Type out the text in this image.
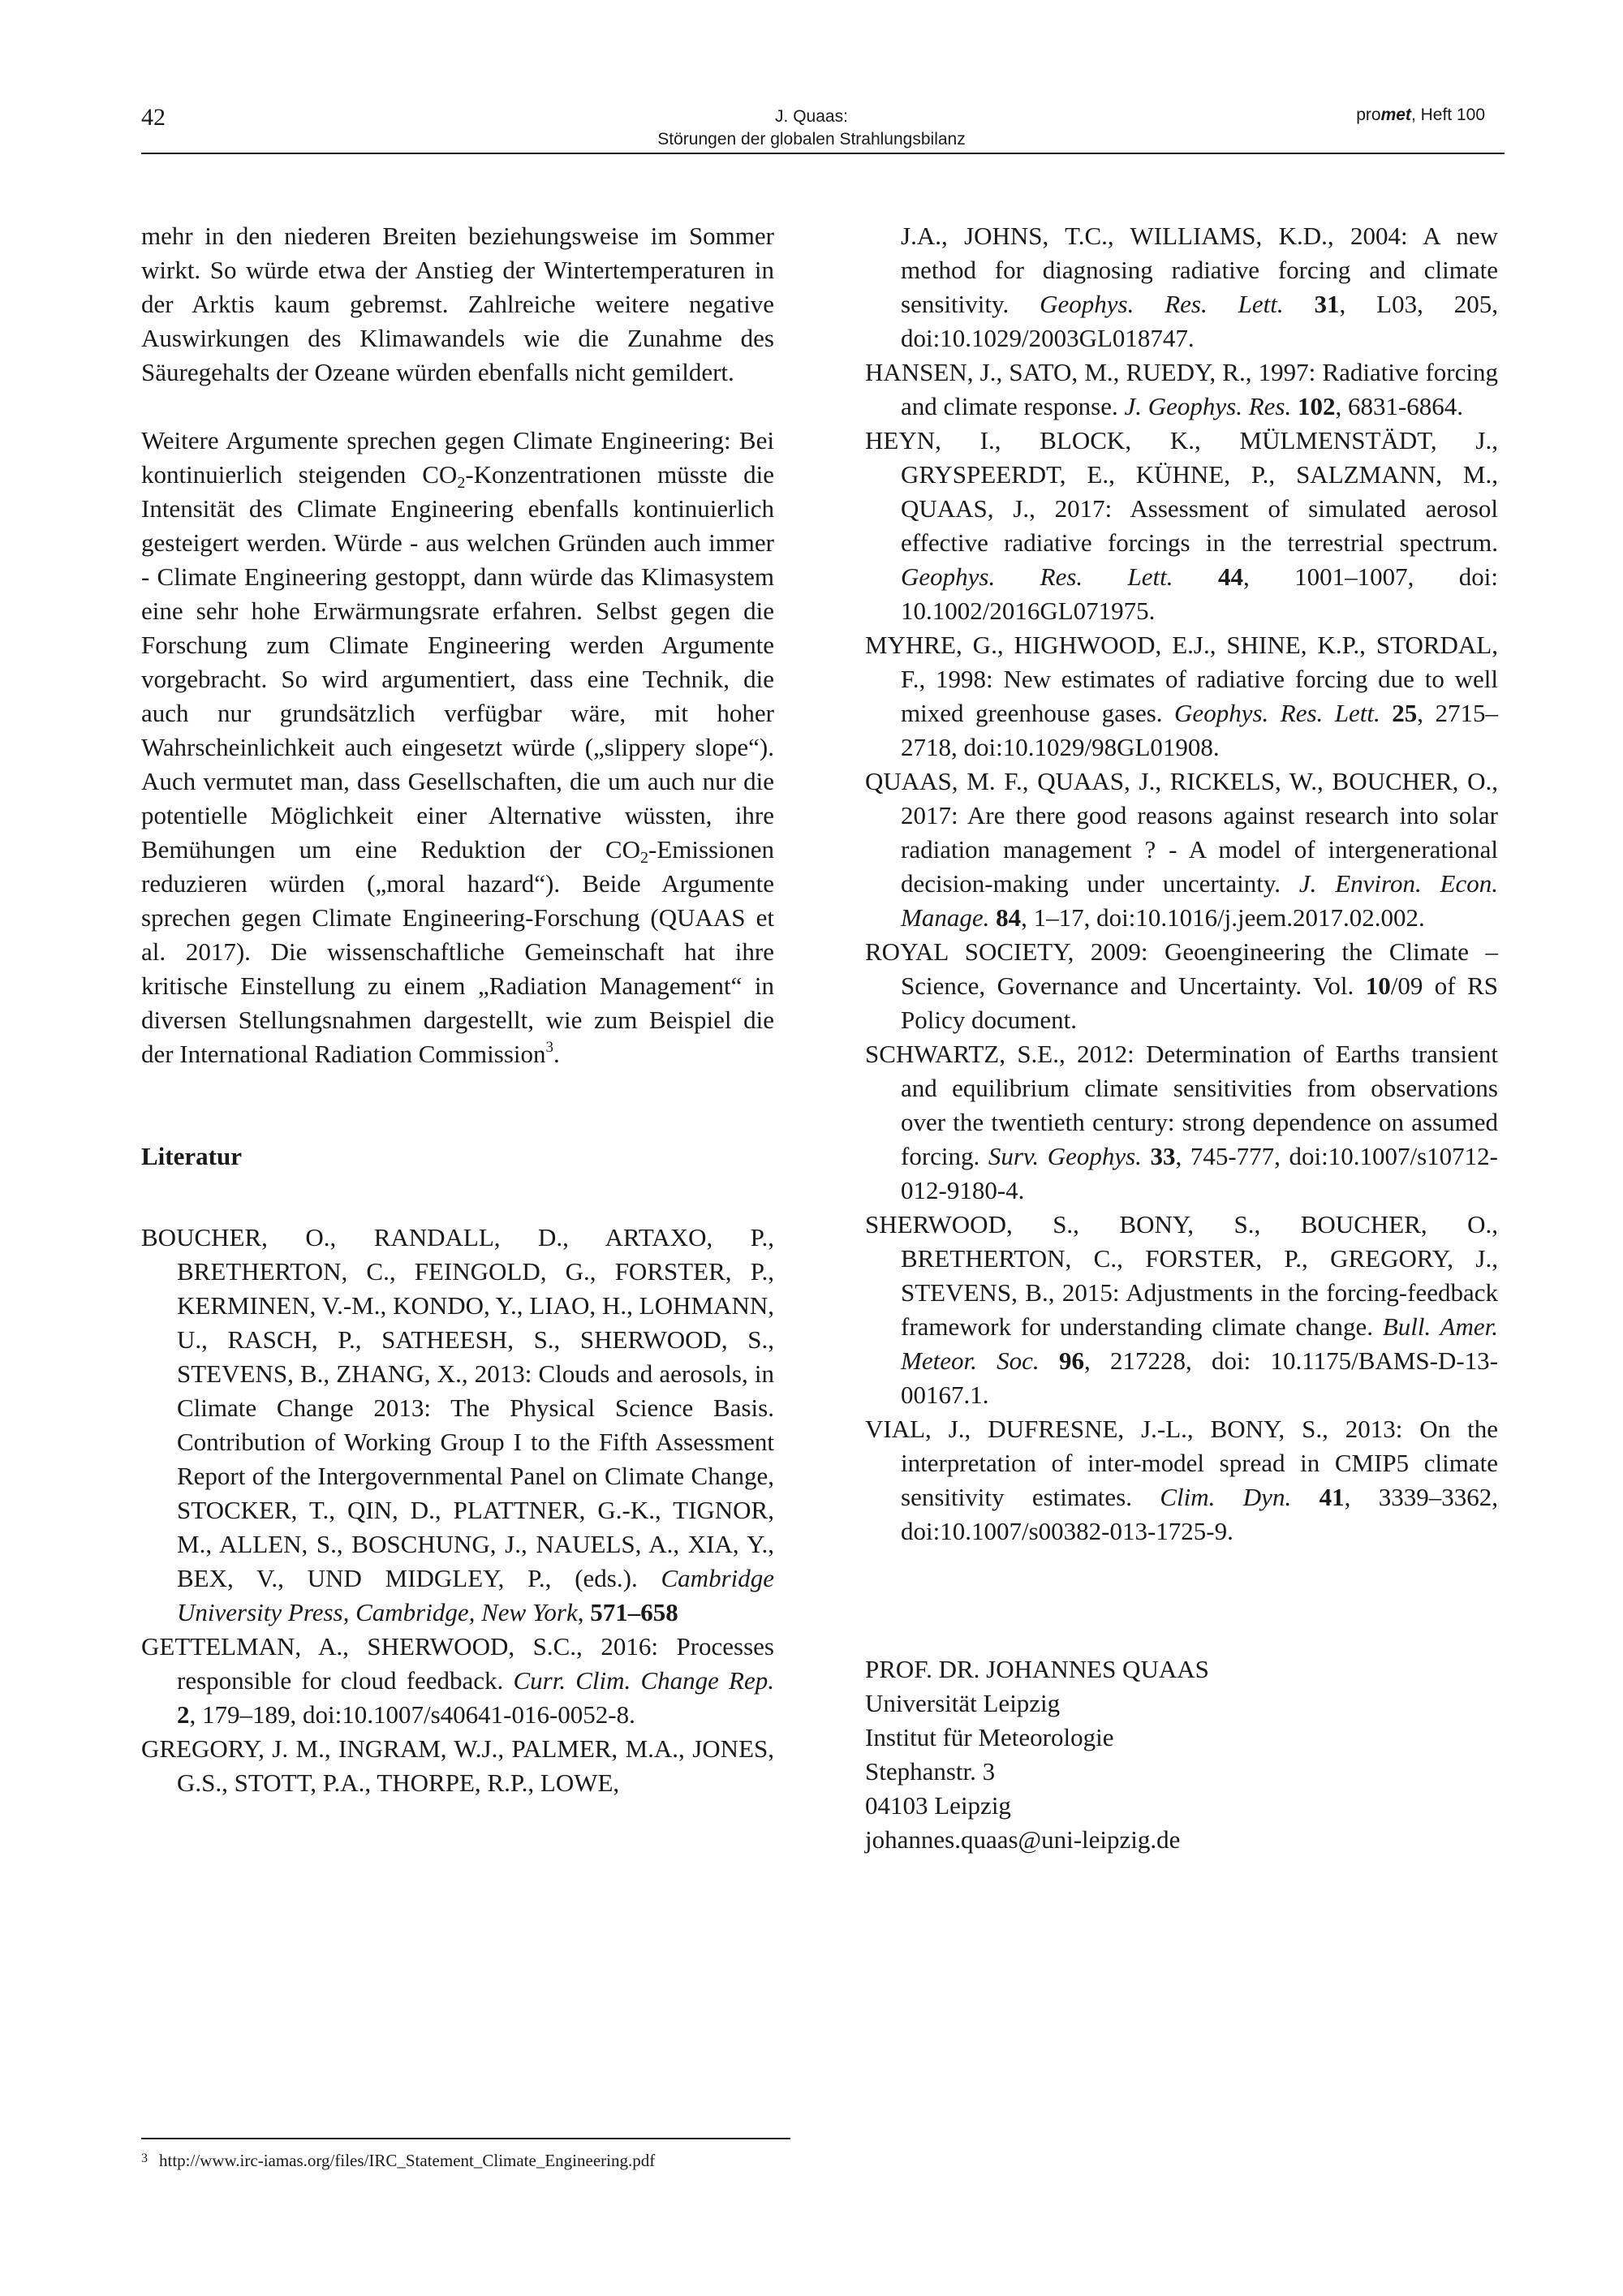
42	J. Quaas:
Störungen der globalen Strahlungsbilanz
promet, Heft 100

mehr in den niederen Breiten beziehungsweise im Sommer wirkt. So würde etwa der Anstieg der Wintertemperaturen in der Arktis kaum gebremst. Zahlreiche weitere negative Auswirkungen des Klimawandels wie die Zunahme des Säuregehalts der Ozeane würden ebenfalls nicht gemildert.

Weitere Argumente sprechen gegen Climate Engineering: Bei kontinuierlich steigenden $CO_2$-Konzentrationen müsste die Intensität des Climate Engineering ebenfalls kontinuierlich gesteigert werden. Würde - aus welchen Gründen auch immer - Climate Engineering gestoppt, dann würde das Klimasystem eine sehr hohe Erwärmungsrate erfahren. Selbst gegen die Forschung zum Climate Engineering werden Argumente vorgebracht. So wird argumentiert, dass eine Technik, die auch nur grundsätzlich verfügbar wäre, mit hoher Wahrscheinlichkeit auch eingesetzt würde („slippery slope“). Auch vermutet man, dass Gesellschaften, die um auch nur die potentielle Möglichkeit einer Alternative wüssten, ihre Bemühungen um eine Reduktion der $CO_2$-Emissionen reduzieren würden („moral hazard“). Beide Argumente sprechen gegen Climate Engineering-Forschung (QUAAS et al. 2017). Die wissenschaftliche Gemeinschaft hat ihre kritische Einstellung zu einem „Radiation Management“ in diversen Stellungsnahmen dargestellt, wie zum Beispiel die der International Radiation Commission$^3$.

Literatur
BOUCHER, O., RANDALL, D., ARTAXO, P., BRETHERTON, C., FEINGOLD, G., FORSTER, P., KERMINEN, V.-M., KONDO, Y., LIAO, H., LOHMANN, U., RASCH, P., SATHEESH, S., SHERWOOD, S., STEVENS, B., ZHANG, X., 2013: Clouds and aerosols, in Climate Change 2013: The Physical Science Basis. Contribution of Working Group I to the Fifth Assessment Report of the Intergovernmental Panel on Climate Change, STOCKER, T., QIN, D., PLATTNER, G.-K., TIGNOR, M., ALLEN, S., BOSCHUNG, J., NAUELS, A., XIA, Y., BEX, V., UND MIDGLEY, P., (eds.). Cambridge University Press, Cambridge, New York, 571–658
GETTELMAN, A., SHERWOOD, S.C., 2016: Processes responsible for cloud feedback. Curr. Clim. Change Rep. 2, 179–189, doi:10.1007/s40641-016-0052-8.
GREGORY, J. M., INGRAM, W.J., PALMER, M.A., JONES, G.S., STOTT, P.A., THORPE, R.P., LOWE,
J.A., JOHNS, T.C., WILLIAMS, K.D., 2004: A new method for diagnosing radiative forcing and climate sensitivity. Geophys. Res. Lett. 31, L03, 205, doi:10.1029/2003GL018747.
HANSEN, J., SATO, M., RUEDY, R., 1997: Radiative forcing and climate response. J. Geophys. Res. 102, 6831-6864.
HEYN, I., BLOCK, K., MÜLMENSTÄDT, J., GRYSPEERDT, E., KÜHNE, P., SALZMANN, M., QUAAS, J., 2017: Assessment of simulated aerosol effective radiative forcings in the terrestrial spectrum. Geophys. Res. Lett. 44, 1001–1007, doi: 10.1002/2016GL071975.
MYHRE, G., HIGHWOOD, E.J., SHINE, K.P., STORDAL, F., 1998: New estimates of radiative forcing due to well mixed greenhouse gases. Geophys. Res. Lett. 25, 2715–2718, doi:10.1029/98GL01908.
QUAAS, M. F., QUAAS, J., RICKELS, W., BOUCHER, O., 2017: Are there good reasons against research into solar radiation management ? - A model of intergenerational decision-making under uncertainty. J. Environ. Econ. Manage. 84, 1–17, doi:10.1016/j.jeem.2017.02.002.
ROYAL SOCIETY, 2009: Geoengineering the Climate – Science, Governance and Uncertainty. Vol. 10/09 of RS Policy document.
SCHWARTZ, S.E., 2012: Determination of Earths transient and equilibrium climate sensitivities from observations over the twentieth century: strong dependence on assumed forcing. Surv. Geophys. 33, 745-777, doi:10.1007/s10712-012-9180-4.
SHERWOOD, S., BONY, S., BOUCHER, O., BRETHERTON, C., FORSTER, P., GREGORY, J., STEVENS, B., 2015: Adjustments in the forcing-feedback framework for understanding climate change. Bull. Amer. Meteor. Soc. 96, 217228, doi: 10.1175/BAMS-D-13-00167.1.
VIAL, J., DUFRESNE, J.-L., BONY, S., 2013: On the interpretation of inter-model spread in CMIP5 climate sensitivity estimates. Clim. Dyn. 41, 3339–3362, doi:10.1007/s00382-013-1725-9.
PROF. DR. JOHANNES QUAAS
Universität Leipzig
Institut für Meteorologie
Stephanstr. 3
04103 Leipzig
johannes.quaas@uni-leipzig.de
3 http://www.irc-iamas.org/files/IRC_Statement_Climate_Engineering.pdf
